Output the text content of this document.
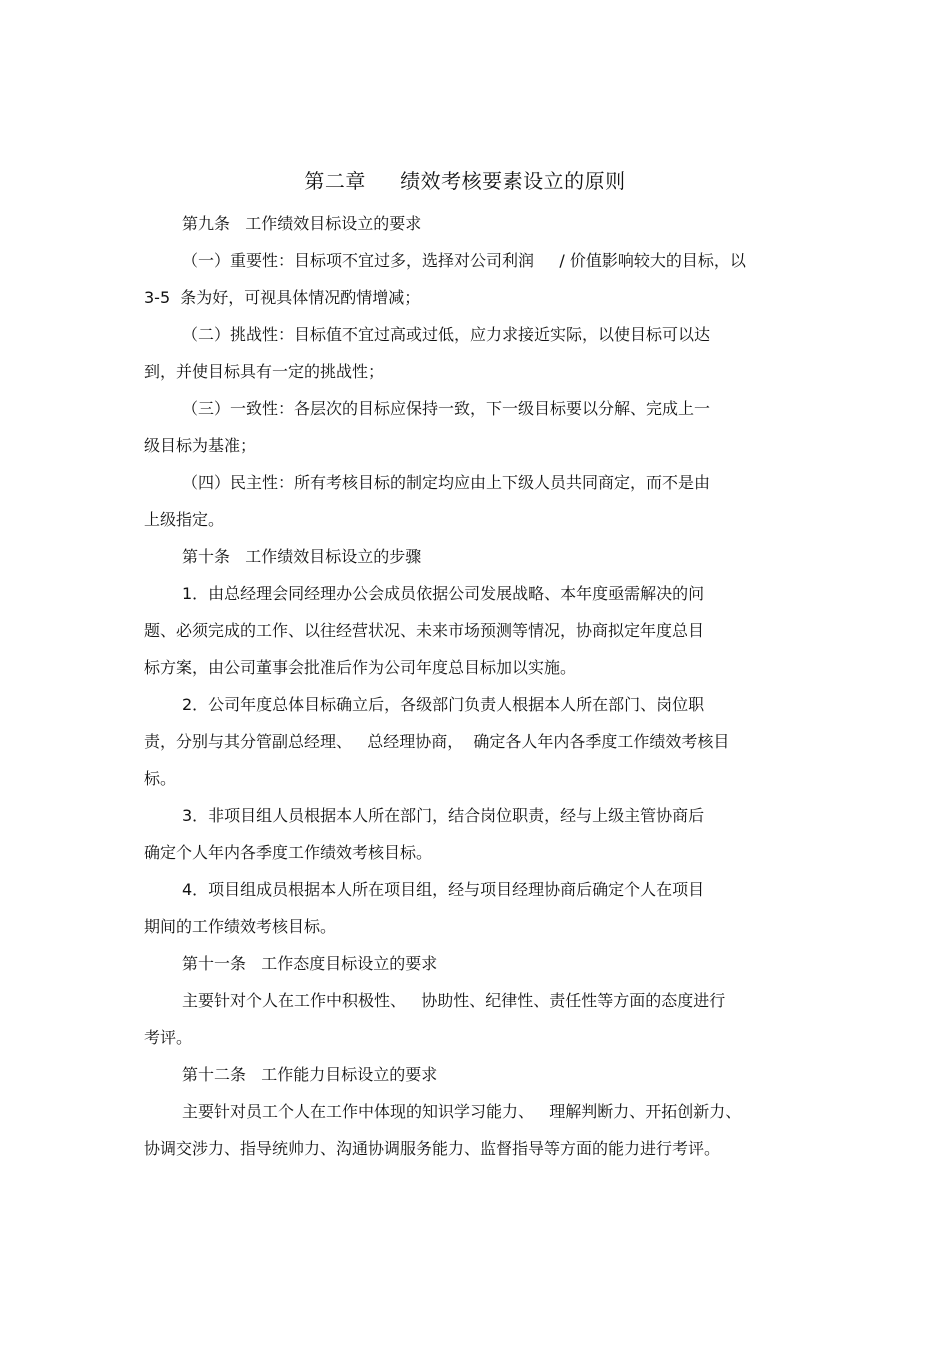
第二章     绩效考核要素设立的原则
第九条   工作绩效目标设立的要求
（一）重要性：目标项不宜过多，选择对公司利润     / 价值影响较大的目标，以
3-5  条为好，可视具体情况酌情增减；
（二）挑战性：目标值不宜过高或过低，应力求接近实际，以使目标可以达
到，并使目标具有一定的挑战性；
（三）一致性：各层次的目标应保持一致，下一级目标要以分解、完成上一
级目标为基准；
（四）民主性：所有考核目标的制定均应由上下级人员共同商定，而不是由
上级指定。
第十条   工作绩效目标设立的步骤
1．由总经理会同经理办公会成员依据公司发展战略、本年度亟需解决的问
题、必须完成的工作、以往经营状况、未来市场预测等情况，协商拟定年度总目
标方案，由公司董事会批准后作为公司年度总目标加以实施。
2．公司年度总体目标确立后，各级部门负责人根据本人所在部门、岗位职
责，分别与其分管副总经理、   总经理协商，  确定各人年内各季度工作绩效考核目
标。
3．非项目组人员根据本人所在部门，结合岗位职责，经与上级主管协商后
确定个人年内各季度工作绩效考核目标。
4．项目组成员根据本人所在项目组，经与项目经理协商后确定个人在项目
期间的工作绩效考核目标。
第十一条   工作态度目标设立的要求
主要针对个人在工作中积极性、   协助性、纪律性、责任性等方面的态度进行
考评。
第十二条   工作能力目标设立的要求
主要针对员工个人在工作中体现的知识学习能力、   理解判断力、开拓创新力、
协调交涉力、指导统帅力、沟通协调服务能力、监督指导等方面的能力进行考评。
